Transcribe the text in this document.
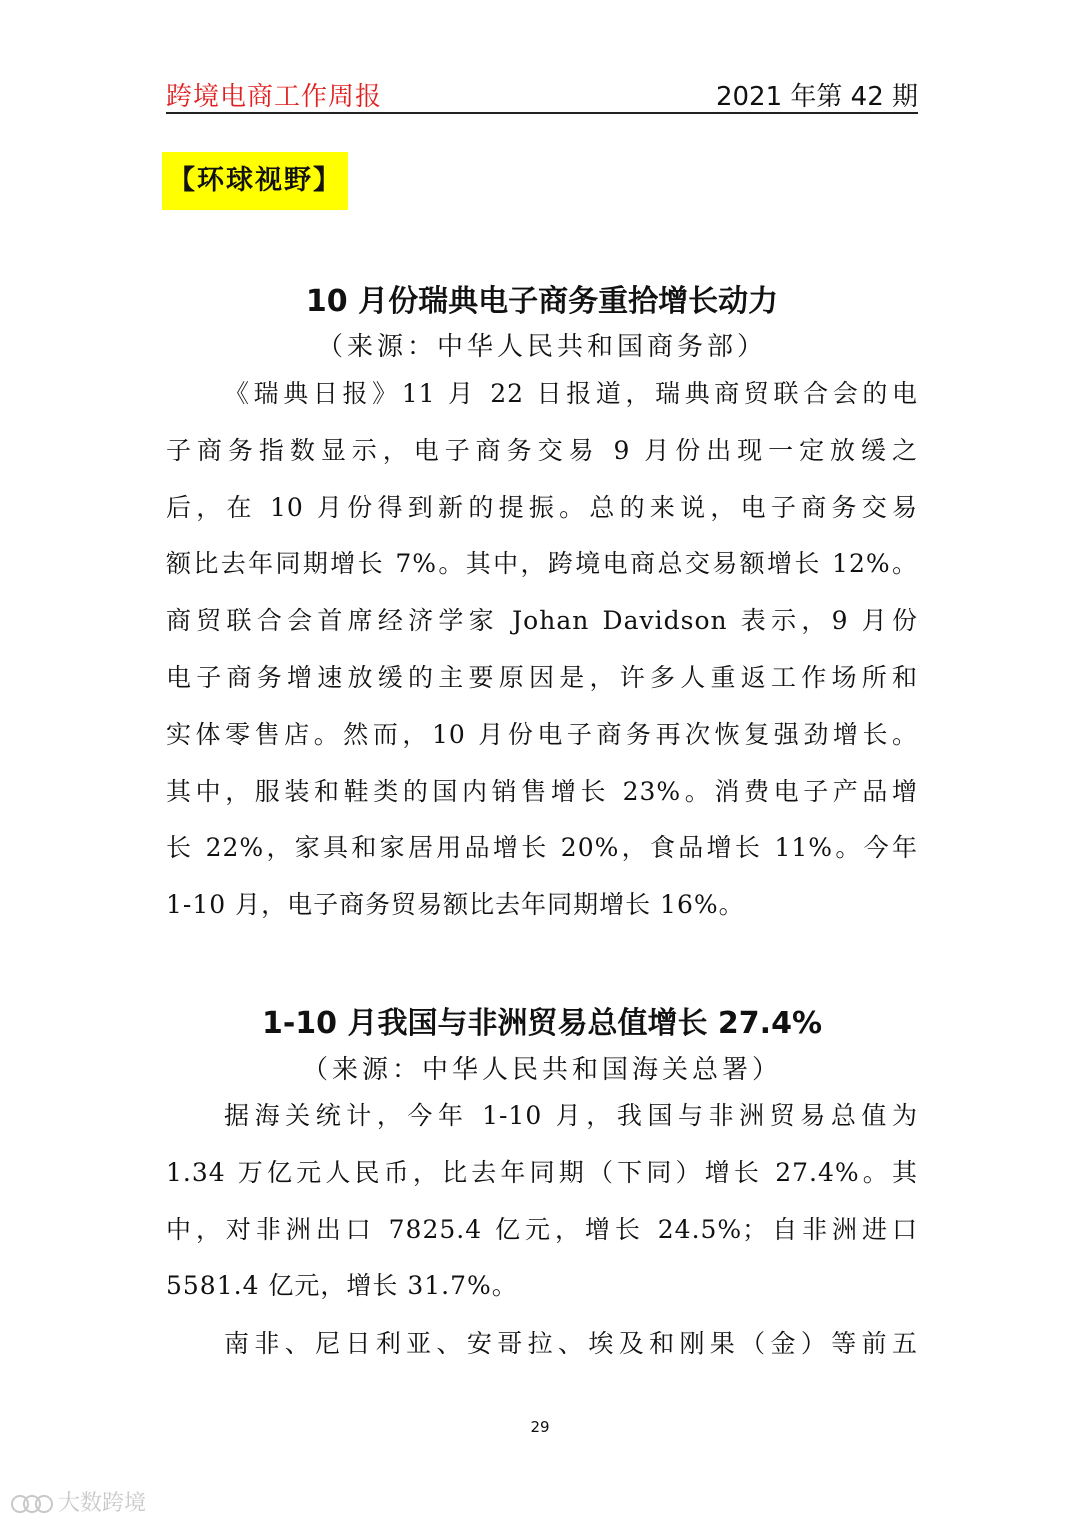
跨境电商工作周报	2021 年第 42 期
【环球视野】
10 月份瑞典电子商务重拾增长动力
（来源：中华人民共和国商务部）
《瑞典日报》11 月 22 日报道，瑞典商贸联合会的电
子商务指数显示，电子商务交易 9 月份出现一定放缓之
后，在 10 月份得到新的提振。总的来说，电子商务交易
额比去年同期增长 7%。其中，跨境电商总交易额增长 12%。
商贸联合会首席经济学家 Johan Davidson 表示，9 月份
电子商务增速放缓的主要原因是，许多人重返工作场所和
实体零售店。然而，10 月份电子商务再次恢复强劲增长。
其中，服装和鞋类的国内销售增长 23%。消费电子产品增
长 22%，家具和家居用品增长 20%，食品增长 11%。今年
1-10 月，电子商务贸易额比去年同期增长 16%。
1-10 月我国与非洲贸易总值增长 27.4%
（来源：中华人民共和国海关总署）
据海关统计，今年 1-10 月，我国与非洲贸易总值为
1.34 万亿元人民币，比去年同期（下同）增长 27.4%。其
中，对非洲出口 7825.4 亿元，增长 24.5%；自非洲进口
5581.4 亿元，增长 31.7%。
南非、尼日利亚、安哥拉、埃及和刚果（金）等前五
29
大数跨境
